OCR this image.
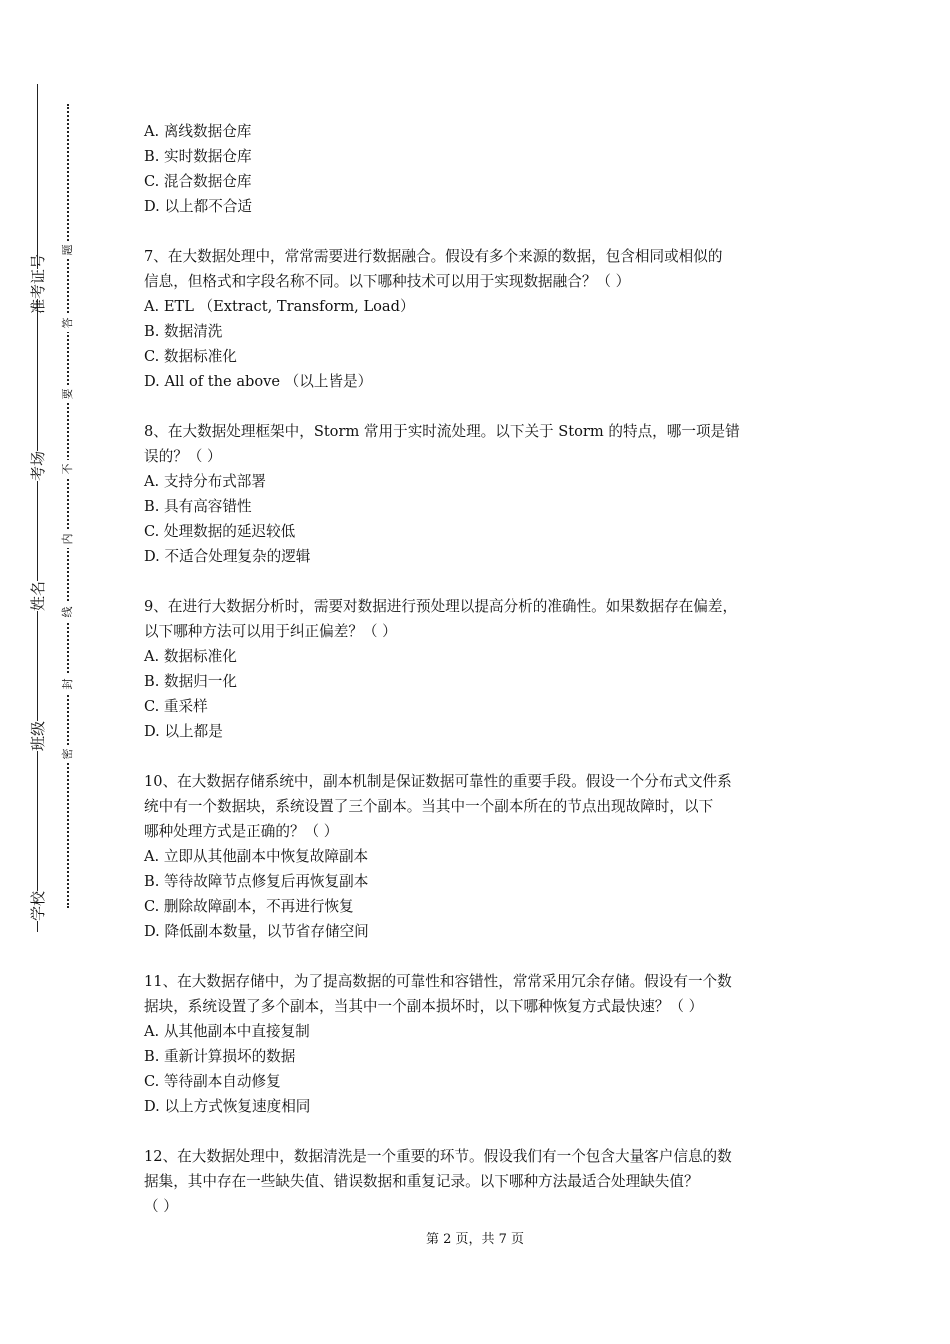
准考证号
考场
姓名
班级
学校
题
答
要
不
内
线
封
密
A. 离线数据仓库
B. 实时数据仓库
C. 混合数据仓库
D. 以上都不合适
7、在大数据处理中，常常需要进行数据融合。假设有多个来源的数据，包含相同或相似的
信息，但格式和字段名称不同。以下哪种技术可以用于实现数据融合？（ ）
A. ETL （Extract, Transform, Load）
B. 数据清洗
C. 数据标准化
D. All of the above （以上皆是）
8、在大数据处理框架中，Storm 常用于实时流处理。以下关于 Storm 的特点，哪一项是错
误的？（ ）
A. 支持分布式部署
B. 具有高容错性
C. 处理数据的延迟较低
D. 不适合处理复杂的逻辑
9、在进行大数据分析时，需要对数据进行预处理以提高分析的准确性。如果数据存在偏差，
以下哪种方法可以用于纠正偏差？（ ）
A. 数据标准化
B. 数据归一化
C. 重采样
D. 以上都是
10、在大数据存储系统中，副本机制是保证数据可靠性的重要手段。假设一个分布式文件系
统中有一个数据块，系统设置了三个副本。当其中一个副本所在的节点出现故障时，以下
哪种处理方式是正确的？（ ）
A. 立即从其他副本中恢复故障副本
B. 等待故障节点修复后再恢复副本
C. 删除故障副本，不再进行恢复
D. 降低副本数量，以节省存储空间
11、在大数据存储中，为了提高数据的可靠性和容错性，常常采用冗余存储。假设有一个数
据块，系统设置了多个副本，当其中一个副本损坏时，以下哪种恢复方式最快速？（ ）
A. 从其他副本中直接复制
B. 重新计算损坏的数据
C. 等待副本自动修复
D. 以上方式恢复速度相同
12、在大数据处理中，数据清洗是一个重要的环节。假设我们有一个包含大量客户信息的数
据集，其中存在一些缺失值、错误数据和重复记录。以下哪种方法最适合处理缺失值？
（ ）
第 2 页，共 7 页
